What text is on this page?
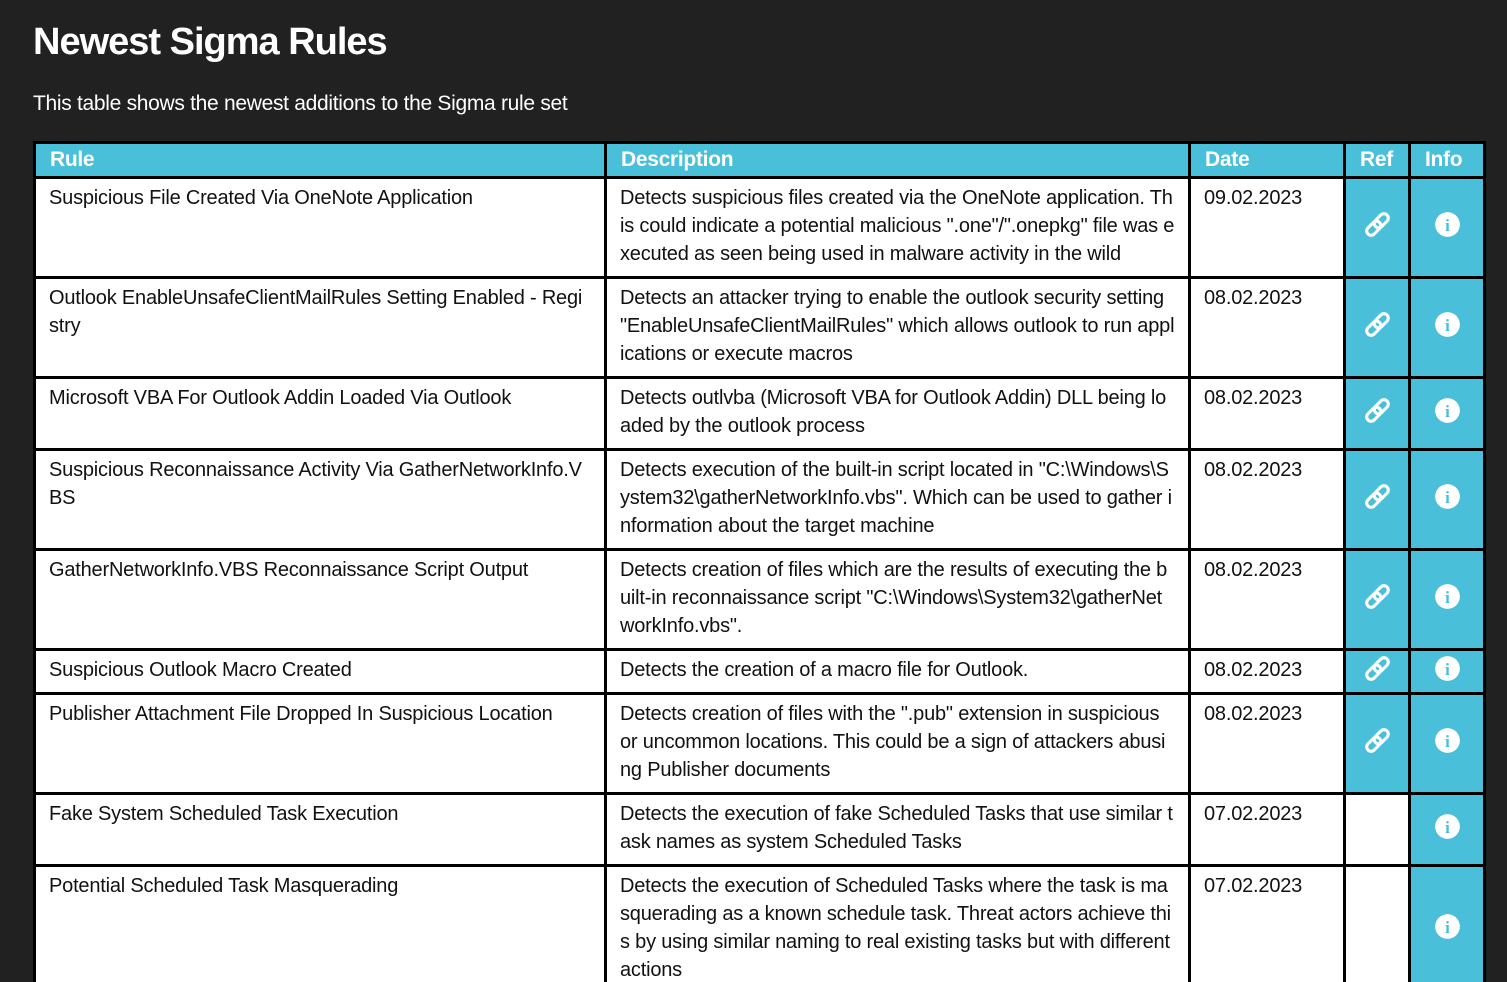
Newest Sigma Rules

This table shows the newest additions to the Sigma rule set

Rule	Description	Date	Ref	Info
Suspicious File Created Via OneNote Application	Detects suspicious files created via the OneNote application. This could indicate a potential malicious ".one"/".onepkg" file was executed as seen being used in malware activity in the wild	09.02.2023		i

Outlook EnableUnsafeClientMailRules Setting Enabled - Registry	Detects an attacker trying to enable the outlook security setting "EnableUnsafeClientMailRules" which allows outlook to run applications or execute macros	08.02.2023		i

Microsoft VBA For Outlook Addin Loaded Via Outlook	Detects outlvba (Microsoft VBA for Outlook Addin) DLL being loaded by the outlook process	08.02.2023		i

Suspicious Reconnaissance Activity Via GatherNetworkInfo.VBS	Detects execution of the built-in script located in "C:\Windows\System32\gatherNetworkInfo.vbs". Which can be used to gather information about the target machine	08.02.2023		i

GatherNetworkInfo.VBS Reconnaissance Script Output	Detects creation of files which are the results of executing the built-in reconnaissance script "C:\Windows\System32\gatherNetworkInfo.vbs".	08.02.2023		i

Suspicious Outlook Macro Created	Detects the creation of a macro file for Outlook.	08.02.2023		i

Publisher Attachment File Dropped In Suspicious Location	Detects creation of files with the ".pub" extension in suspicious or uncommon locations. This could be a sign of attackers abusing Publisher documents	08.02.2023		i

Fake System Scheduled Task Execution	Detects the execution of fake Scheduled Tasks that use similar task names as system Scheduled Tasks	07.02.2023		i

Potential Scheduled Task Masquerading	Detects the execution of Scheduled Tasks where the task is masquerading as a known schedule task. Threat actors achieve this by using similar naming to real existing tasks but with different actions	07.02.2023		i
